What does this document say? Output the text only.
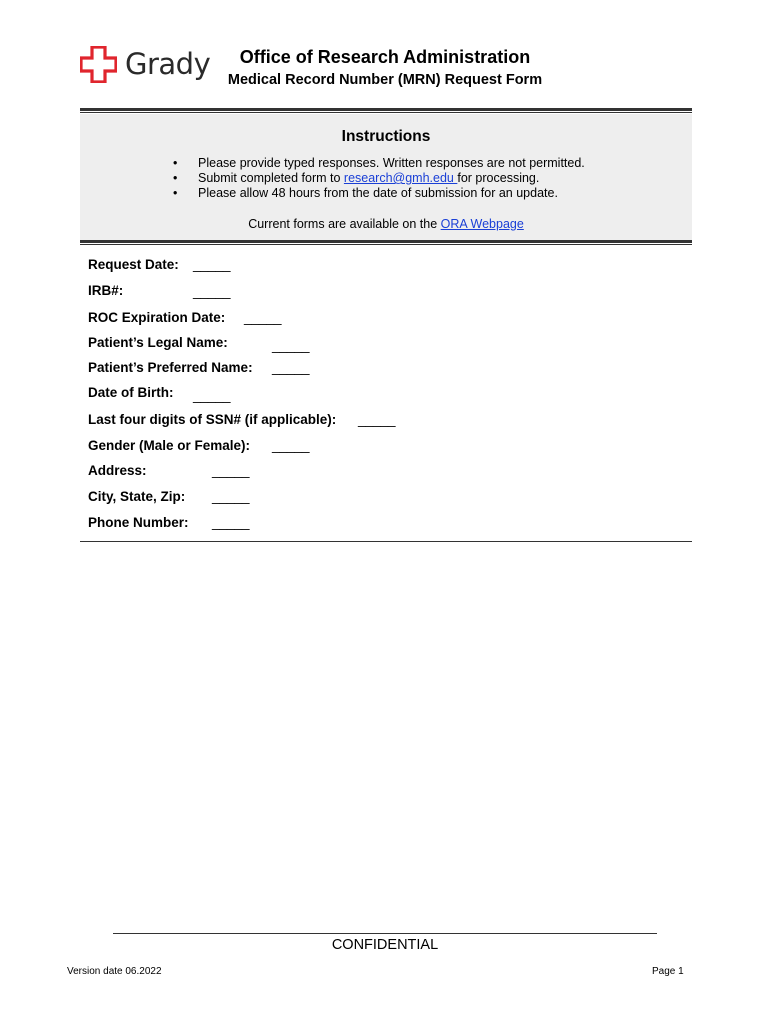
Grady	Office of Research Administration
Medical Record Number (MRN) Request Form
Instructions
• Please provide typed responses. Written responses are not permitted.
• Submit completed form to research@gmh.edu for processing.
• Please allow 48 hours from the date of submission for an update.
Current forms are available on the ORA Webpage
Request Date: _____
IRB#:	_____
ROC Expiration Date: _____
Patient’s Legal Name:	_____
Patient’s Preferred Name: _____
Date of Birth: _____
Last four digits of SSN# (if applicable): _____
Gender (Male or Female): _____
Address:	_____
City, State, Zip: _____
Phone Number: _____
CONFIDENTIAL
Version date 06.2022	Page 1
